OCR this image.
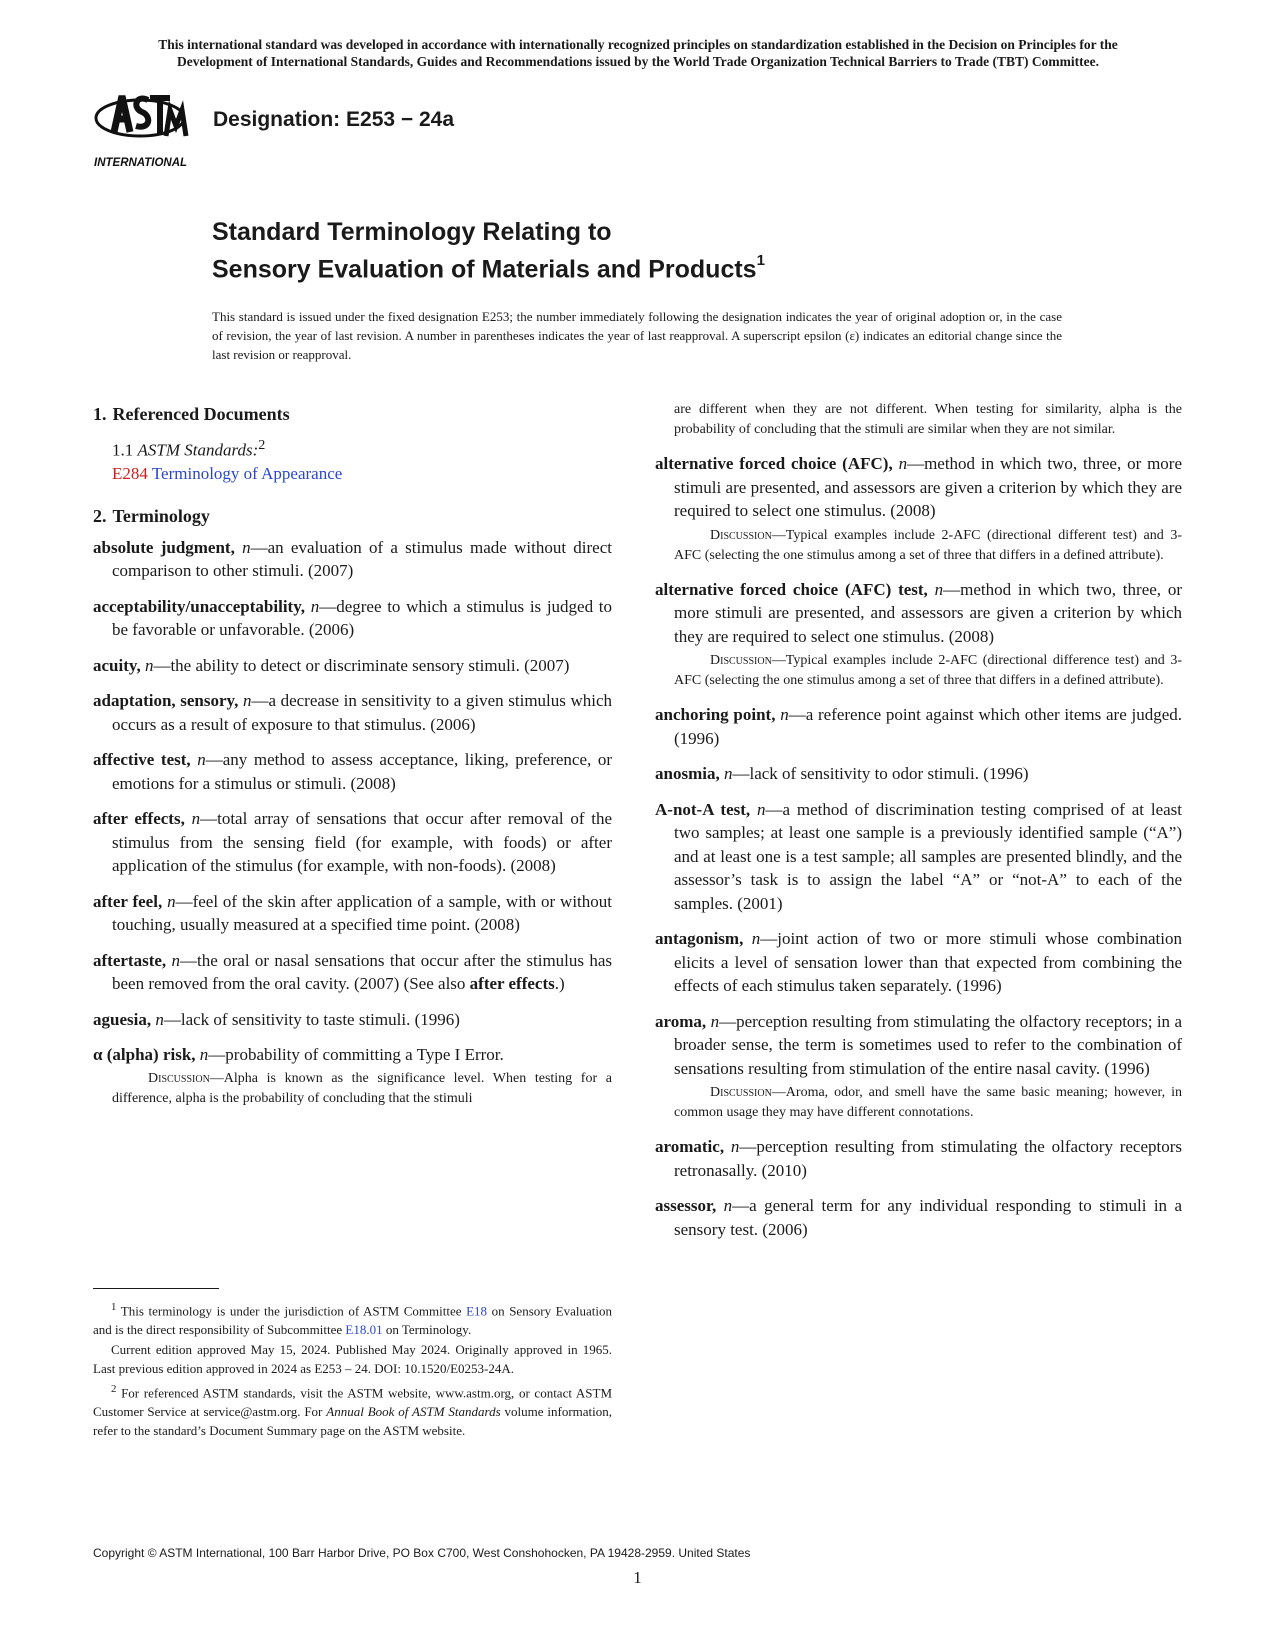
This international standard was developed in accordance with internationally recognized principles on standardization established in the Decision on Principles for the
Development of International Standards, Guides and Recommendations issued by the World Trade Organization Technical Barriers to Trade (TBT) Committee.
INTERNATIONAL
Designation: E253 − 24a
Standard Terminology Relating to
Sensory Evaluation of Materials and Products$^1$
This standard is issued under the fixed designation E253; the number immediately following the designation indicates the year of original adoption or, in the case of revision, the year of last revision. A number in parentheses indicates the year of last reapproval. A superscript epsilon (ε) indicates an editorial change since the last revision or reapproval.
1. Referenced Documents

1.1 ASTM Standards:$^2$

E284 Terminology of Appearance

2. Terminology

absolute judgment, n—an evaluation of a stimulus made without direct comparison to other stimuli. (2007)

acceptability/unacceptability, n—degree to which a stimulus is judged to be favorable or unfavorable. (2006)

acuity, n—the ability to detect or discriminate sensory stimuli. (2007)

adaptation, sensory, n—a decrease in sensitivity to a given stimulus which occurs as a result of exposure to that stimulus. (2006)

affective test, n—any method to assess acceptance, liking, preference, or emotions for a stimulus or stimuli. (2008)

after effects, n—total array of sensations that occur after removal of the stimulus from the sensing field (for example, with foods) or after application of the stimulus (for example, with non-foods). (2008)

after feel, n—feel of the skin after application of a sample, with or without touching, usually measured at a specified time point. (2008)

aftertaste, n—the oral or nasal sensations that occur after the stimulus has been removed from the oral cavity. (2007) (See also after effects.)

aguesia, n—lack of sensitivity to taste stimuli. (1996)

α (alpha) risk, n—probability of committing a Type I Error.

Discussion—Alpha is known as the significance level. When testing for a difference, alpha is the probability of concluding that the stimuli

$^1$ This terminology is under the jurisdiction of ASTM Committee E18 on Sensory Evaluation and is the direct responsibility of Subcommittee E18.01 on Terminology.

Current edition approved May 15, 2024. Published May 2024. Originally approved in 1965. Last previous edition approved in 2024 as E253 – 24. DOI: 10.1520/E0253-24A.

$^2$ For referenced ASTM standards, visit the ASTM website, www.astm.org, or contact ASTM Customer Service at service@astm.org. For Annual Book of ASTM Standards volume information, refer to the standard’s Document Summary page on the ASTM website.

are different when they are not different. When testing for similarity, alpha is the probability of concluding that the stimuli are similar when they are not similar.

alternative forced choice (AFC), n—method in which two, three, or more stimuli are presented, and assessors are given a criterion by which they are required to select one stimulus. (2008)

Discussion—Typical examples include 2-AFC (directional different test) and 3-AFC (selecting the one stimulus among a set of three that differs in a defined attribute).

alternative forced choice (AFC) test, n—method in which two, three, or more stimuli are presented, and assessors are given a criterion by which they are required to select one stimulus. (2008)

Discussion—Typical examples include 2-AFC (directional difference test) and 3-AFC (selecting the one stimulus among a set of three that differs in a defined attribute).

anchoring point, n—a reference point against which other items are judged. (1996)

anosmia, n—lack of sensitivity to odor stimuli. (1996)

A-not-A test, n—a method of discrimination testing comprised of at least two samples; at least one sample is a previously identified sample (“A”) and at least one is a test sample; all samples are presented blindly, and the assessor’s task is to assign the label “A” or “not-A” to each of the samples. (2001)

antagonism, n—joint action of two or more stimuli whose combination elicits a level of sensation lower than that expected from combining the effects of each stimulus taken separately. (1996)

aroma, n—perception resulting from stimulating the olfactory receptors; in a broader sense, the term is sometimes used to refer to the combination of sensations resulting from stimulation of the entire nasal cavity. (1996)

Discussion—Aroma, odor, and smell have the same basic meaning; however, in common usage they may have different connotations.

aromatic, n—perception resulting from stimulating the olfactory receptors retronasally. (2010)

assessor, n—a general term for any individual responding to stimuli in a sensory test. (2006)

Copyright © ASTM International, 100 Barr Harbor Drive, PO Box C700, West Conshohocken, PA 19428-2959. United States
1
